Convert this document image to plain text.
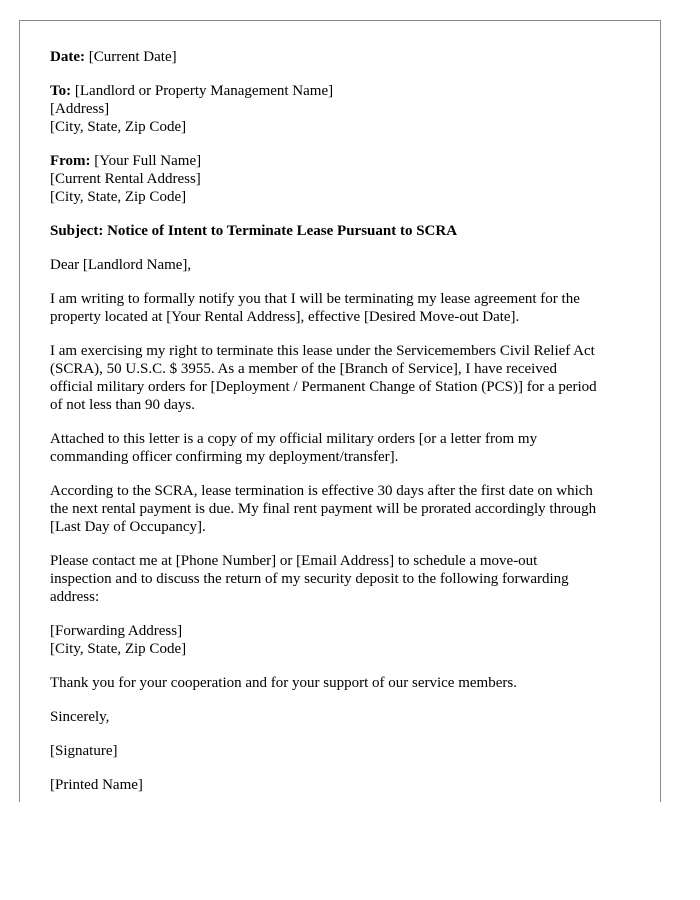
Date: [Current Date]
To: [Landlord or Property Management Name]
[Address]
[City, State, Zip Code]
From: [Your Full Name]
[Current Rental Address]
[City, State, Zip Code]
Subject: Notice of Intent to Terminate Lease Pursuant to SCRA
Dear [Landlord Name],
I am writing to formally notify you that I will be terminating my lease agreement for the
property located at [Your Rental Address], effective [Desired Move-out Date].
I am exercising my right to terminate this lease under the Servicemembers Civil Relief Act
(SCRA), 50 U.S.C. $ 3955. As a member of the [Branch of Service], I have received
official military orders for [Deployment / Permanent Change of Station (PCS)] for a period
of not less than 90 days.
Attached to this letter is a copy of my official military orders [or a letter from my
commanding officer confirming my deployment/transfer].
According to the SCRA, lease termination is effective 30 days after the first date on which
the next rental payment is due. My final rent payment will be prorated accordingly through
[Last Day of Occupancy].
Please contact me at [Phone Number] or [Email Address] to schedule a move-out
inspection and to discuss the return of my security deposit to the following forwarding
address:
[Forwarding Address]
[City, State, Zip Code]
Thank you for your cooperation and for your support of our service members.
Sincerely,
[Signature]
[Printed Name]
